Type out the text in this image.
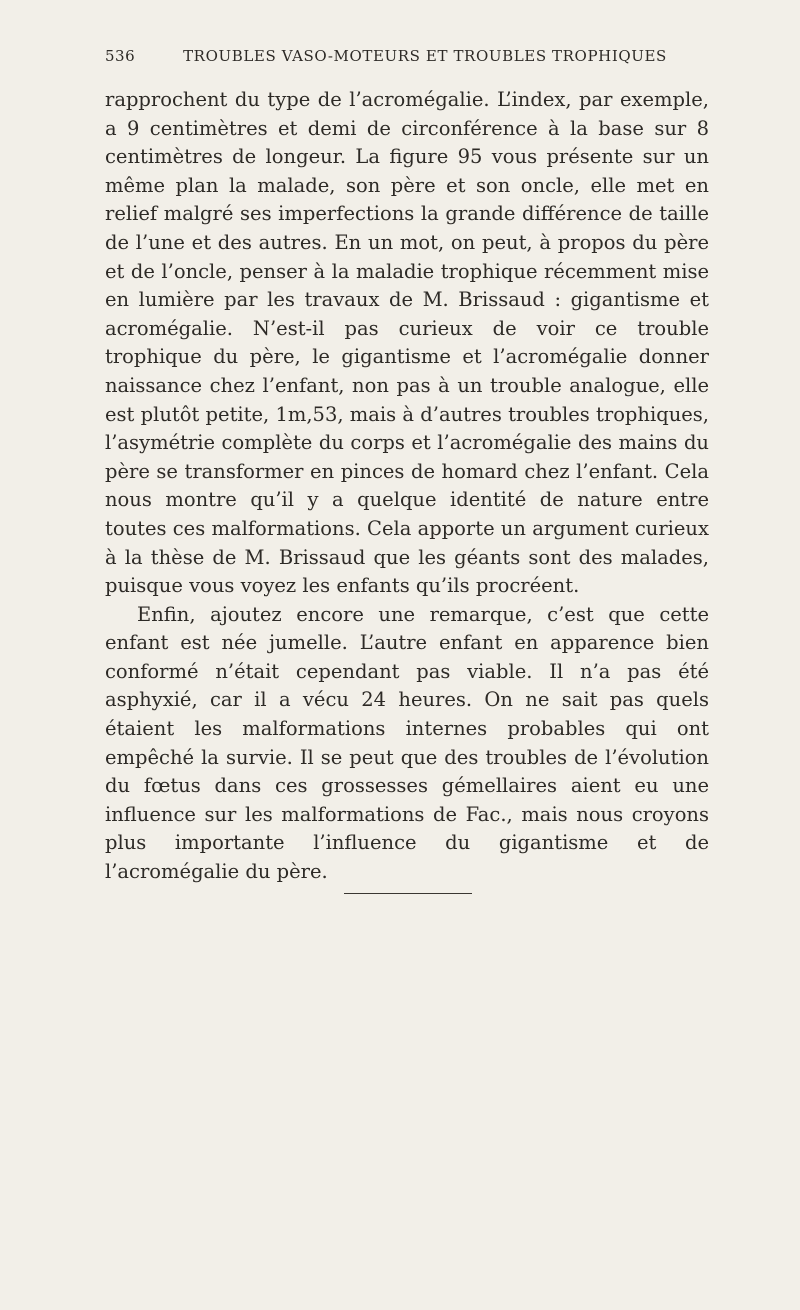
536	TROUBLES VASO-MOTEURS ET TROUBLES TROPHIQUES

rapprochent du type de l’acromégalie. L’index, par exemple, a 9 centimètres et demi de circonférence à la base sur 8 centimètres de longeur. La figure 95 vous présente sur un même plan la malade, son père et son oncle, elle met en relief malgré ses imperfections la grande différence de taille de l’une et des autres. En un mot, on peut, à propos du père et de l’oncle, penser à la maladie trophique récemment mise en lumière par les travaux de M. Brissaud : gigantisme et acromégalie. N’est-il pas curieux de voir ce trouble trophique du père, le gigantisme et l’acromégalie donner naissance chez l’enfant, non pas à un trouble analogue, elle est plutôt petite, 1m,53, mais à d’autres troubles trophiques, l’asymétrie complète du corps et l’acromégalie des mains du père se transformer en pinces de homard chez l’enfant. Cela nous montre qu’il y a quelque identité de nature entre toutes ces malformations. Cela apporte un argument curieux à la thèse de M. Brissaud que les géants sont des malades, puisque vous voyez les enfants qu’ils procréent.

Enfin, ajoutez encore une remarque, c’est que cette enfant est née jumelle. L’autre enfant en apparence bien conformé n’était cependant pas viable. Il n’a pas été asphyxié, car il a vécu 24 heures. On ne sait pas quels étaient les malformations internes probables qui ont empêché la survie. Il se peut que des troubles de l’évolution du fœtus dans ces grossesses gémellaires aient eu une influence sur les malformations de Fac., mais nous croyons plus importante l’influence du gigantisme et de l’acromégalie du père.
